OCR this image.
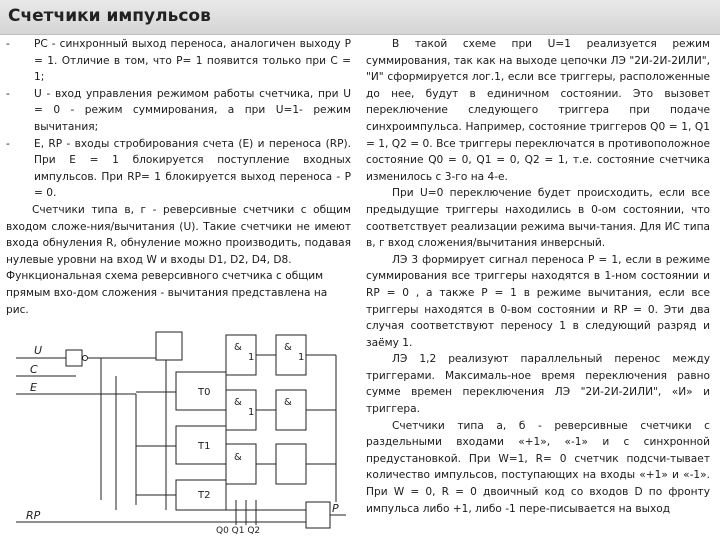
Счетчики импульсов

- PC - синхронный выход переноса, аналогичен выходу P = 1. Отличие в том, что P= 1 появится только при C = 1;

- U - вход управления режимом работы счетчика, при U = 0 - режим суммирования, а при U=1- режим вычитания;

- E, RP - входы стробирования счета (E) и переноса (RP). При E = 1 блокируется поступление входных импульсов. При RP= 1 блокируется выход переноса - P = 0.

Счетчики типа в, г - реверсивные счетчики с общим входом сложе-ния/вычитания (U). Такие счетчики не имеют входа обнуления R, обнуление можно производить, подавая нулевые уровни на вход W и входы D1, D2, D4, D8.

Функциональная схема реверсивного счетчика с общим прямым вхо-дом сложения - вычитания представлена на рис.

U
C
E
RP
P
T0
T1
T2
&
1
&
1
&
&
&
1
Q0 Q1 Q2

В такой схеме при U=1 реализуется режим суммирования, так как на выходе цепочки ЛЭ "2И-2И-2ИЛИ", "И" сформируется лог.1, если все триггеры, расположенные до нее, будут в единичном состоянии. Это вызовет переключение следующего триггера при подаче синхроимпульса. Например, состояние триггеров Q0 = 1, Q1 = 1, Q2 = 0. Все триггеры переключатся в противоположное состояние Q0 = 0, Q1 = 0, Q2 = 1, т.е. состояние счетчика изменилось с 3-го на 4-е.

При U=0 переключение будет происходить, если все предыдущие триггеры находились в 0-ом состоянии, что соответствует реализации режима вычи-тания. Для ИС типа в, г вход сложения/вычитания инверсный.

ЛЭ 3 формирует сигнал переноса P = 1, если в режиме суммирования все триггеры находятся в 1-ном состоянии и RP = 0 , а также P = 1 в режиме вычитания, если все триггеры находятся в 0-вом состоянии и RP = 0. Эти два случая соответствуют переносу 1 в следующий разряд и заёму 1.

ЛЭ 1,2 реализуют параллельный перенос между триггерами. Максималь-ное время переключения равно сумме времен переключения ЛЭ "2И-2И-2ИЛИ", «И» и триггера.

Счетчики типа а, б - реверсивные счетчики с раздельными входами «+1», «-1» и с синхронной предустановкой. При W=1, R= 0 счетчик подсчи-тывает количество импульсов, поступающих на входы «+1» и «-1». При W = 0, R = 0 двоичный код со входов D по фронту импульса либо +1, либо -1 пере-писывается на выход
